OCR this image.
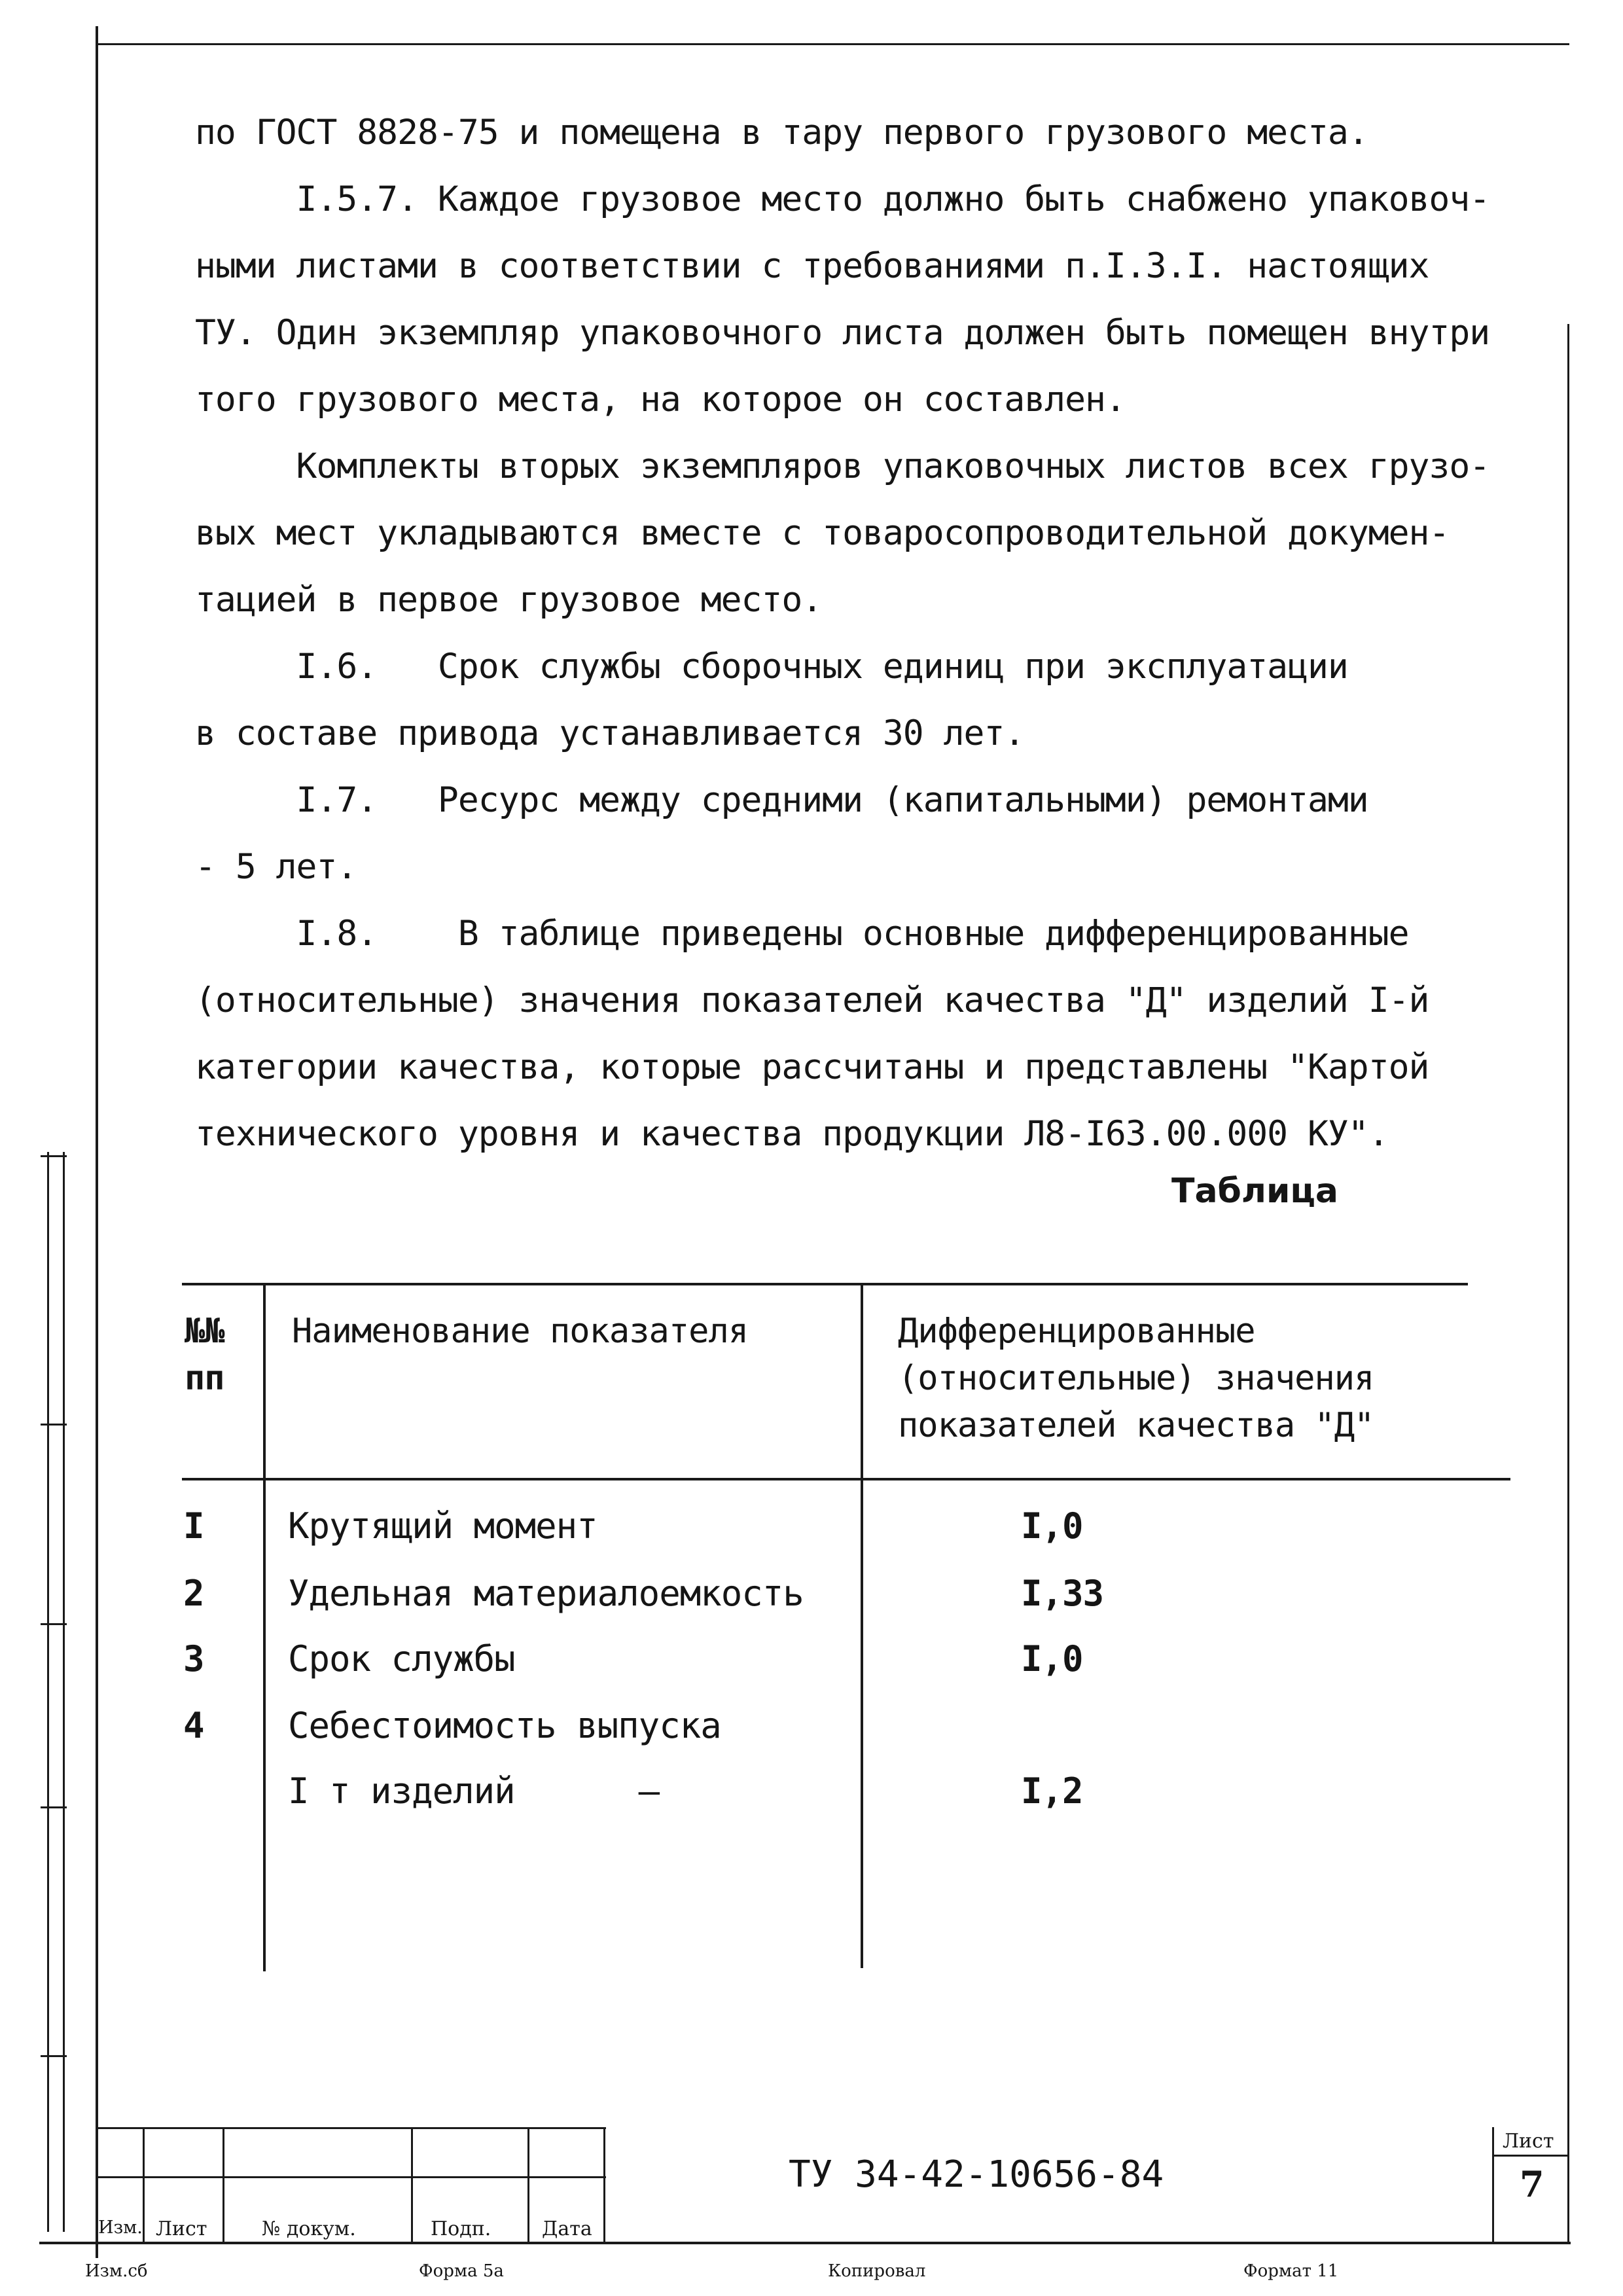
по ГОСТ 8828-75 и помещена в тару первого грузового места.

I.5.7. Каждое грузовое место должно быть снабжено упаковоч-

ными листами в соответствии с требованиями п.I.3.I. настоящих

ТУ. Один экземпляр упаковочного листа должен быть помещен внутри

того грузового места, на которое он составлен.

Комплекты вторых экземпляров упаковочных листов всех грузо-

вых мест укладываются вместе с товаросопроводительной докумен-

тацией в первое грузовое место.

I.6.   Срок службы сборочных единиц при эксплуатации

в составе привода устанавливается 30 лет.

I.7.   Ресурс между средними (капитальными) ремонтами

- 5 лет.

I.8.    В таблице приведены основные дифференцированные

(относительные) значения показателей качества "Д" изделий I-й

категории качества, которые рассчитаны и представлены "Картой

технического уровня и качества продукции Л8-I63.00.000 КУ".

Таблица
№№
пп
Наименование показателя	Дифференцированные
(относительные) значения
показателей качества "Д"
I Крутящий момент	I,0
2 Удельная материалоемкость	I,33
3 Срок службы	I,0
4 Себестоимость выпуска
I т изделий      —	I,2
Изм. Лист	№ докум.	Подп.	Дата
ТУ 34-42-10656-84
Лист
7
Изм.сб	Форма 5а	Копировал	Формат 11
